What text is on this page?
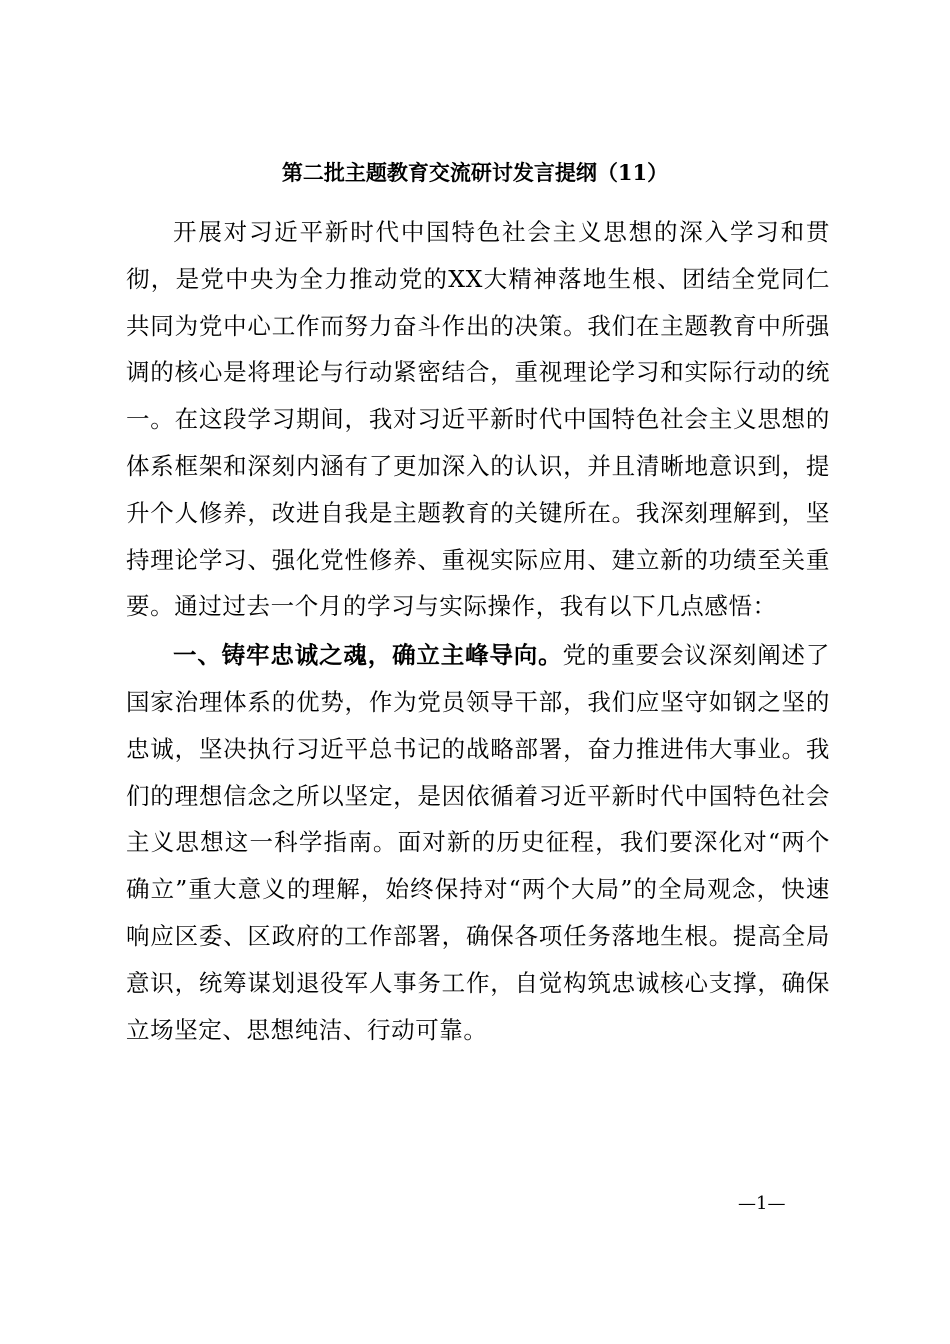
第二批主题教育交流研讨发言提纲（11）

开展对习近平新时代中国特色社会主义思想的深入学习和贯彻，是党中央为全力推动党的XX大精神落地生根、团结全党同仁共同为党中心工作而努力奋斗作出的决策。我们在主题教育中所强调的核心是将理论与行动紧密结合，重视理论学习和实际行动的统一。在这段学习期间，我对习近平新时代中国特色社会主义思想的体系框架和深刻内涵有了更加深入的认识，并且清晰地意识到，提升个人修养，改进自我是主题教育的关键所在。我深刻理解到，坚持理论学习、强化党性修养、重视实际应用、建立新的功绩至关重要。通过过去一个月的学习与实际操作，我有以下几点感悟：

一、铸牢忠诚之魂，确立主峰导向。党的重要会议深刻阐述了国家治理体系的优势，作为党员领导干部，我们应坚守如钢之坚的忠诚，坚决执行习近平总书记的战略部署，奋力推进伟大事业。我们的理想信念之所以坚定，是因依循着习近平新时代中国特色社会主义思想这一科学指南。面对新的历史征程，我们要深化对“两个确立”重大意义的理解，始终保持对“两个大局”的全局观念，快速响应区委、区政府的工作部署，确保各项任务落地生根。提高全局意识，统筹谋划退役军人事务工作，自觉构筑忠诚核心支撑，确保立场坚定、思想纯洁、行动可靠。

—1—
